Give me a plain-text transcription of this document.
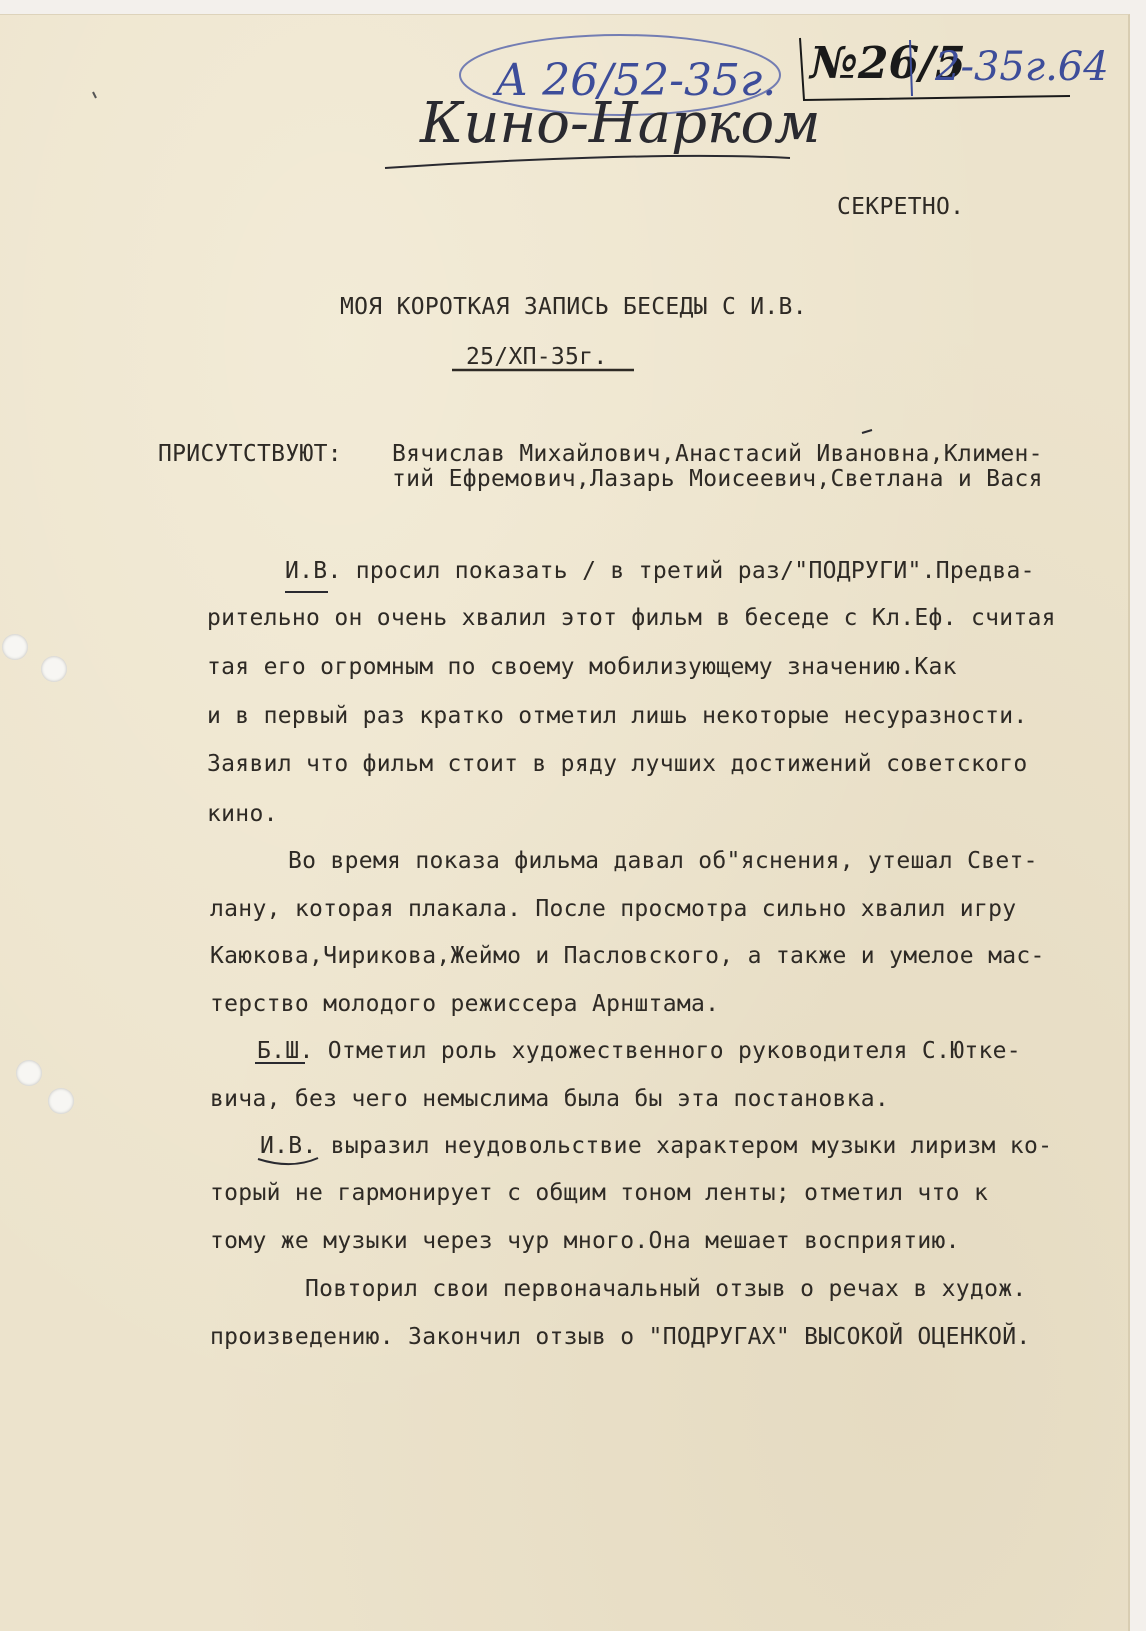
А 26/52-35г. №26/5
2-35г.64
Кино-Нарком
СЕКРЕТНО.
МОЯ КОРОТКАЯ ЗАПИСЬ БЕСЕДЫ С И.В.
25/ХП-35г.
ПРИСУТСТВУЮТ: Вячислав Михайлович,Анастасий Ивановна,Климен-
тий Ефремович,Лазарь Моисеевич,Светлана и Вася
И.В. просил показать / в третий раз/"ПОДРУГИ".Предва-
рительно он очень хвалил этот фильм в беседе с Кл.Еф. считая
тая его огромным по своему мобилизующему значению.Как
и в первый раз кратко отметил лишь некоторые несуразности.
Заявил что фильм стоит в ряду лучших достижений советского
кино.
Во время показа фильма давал об"яснения, утешал Свет-
лану, которая плакала. После просмотра сильно хвалил игру
Каюкова,Чирикова,Жеймо и Пасловского, а также и умелое мас-
терство молодого режиссера Арнштама.
Б.Ш. Отметил роль художественного руководителя С.Ютке-
вича, без чего немыслима была бы эта постановка.
И.В. выразил неудовольствие характером музыки лиризм ко-
торый не гармонирует с общим тоном ленты; отметил что к
тому же музыки через чур много.Она мешает восприятию.
Повторил свои первоначальный отзыв о речах в худож.
произведению. Закончил отзыв о "ПОДРУГАХ" ВЫСОКОЙ ОЦЕНКОЙ.
